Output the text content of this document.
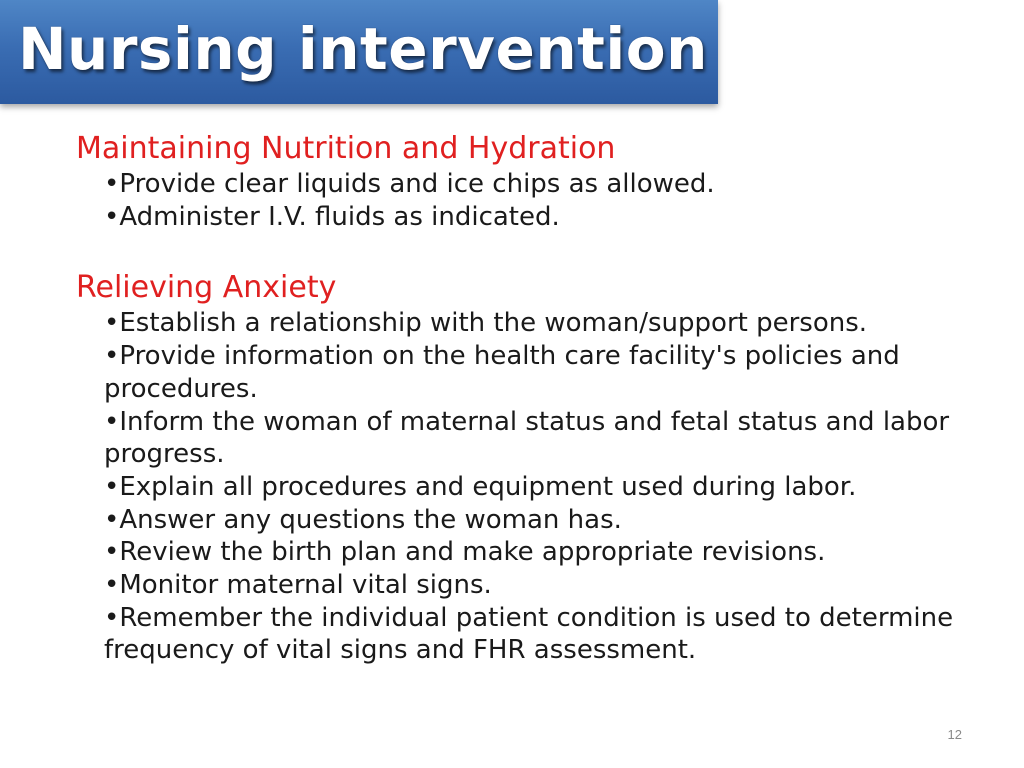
Nursing intervention
Maintaining Nutrition and Hydration
•Provide clear liquids and ice chips as allowed.
•Administer I.V. fluids as indicated.
Relieving Anxiety
•Establish a relationship with the woman/support persons.
•Provide information on the health care facility's policies and procedures.
•Inform the woman of maternal status and fetal status and labor progress.
•Explain all procedures and equipment used during labor.
•Answer any questions the woman has.
•Review the birth plan and make appropriate revisions.
•Monitor maternal vital signs.
•Remember the individual patient condition is used to determine frequency of vital signs and FHR assessment.
12
